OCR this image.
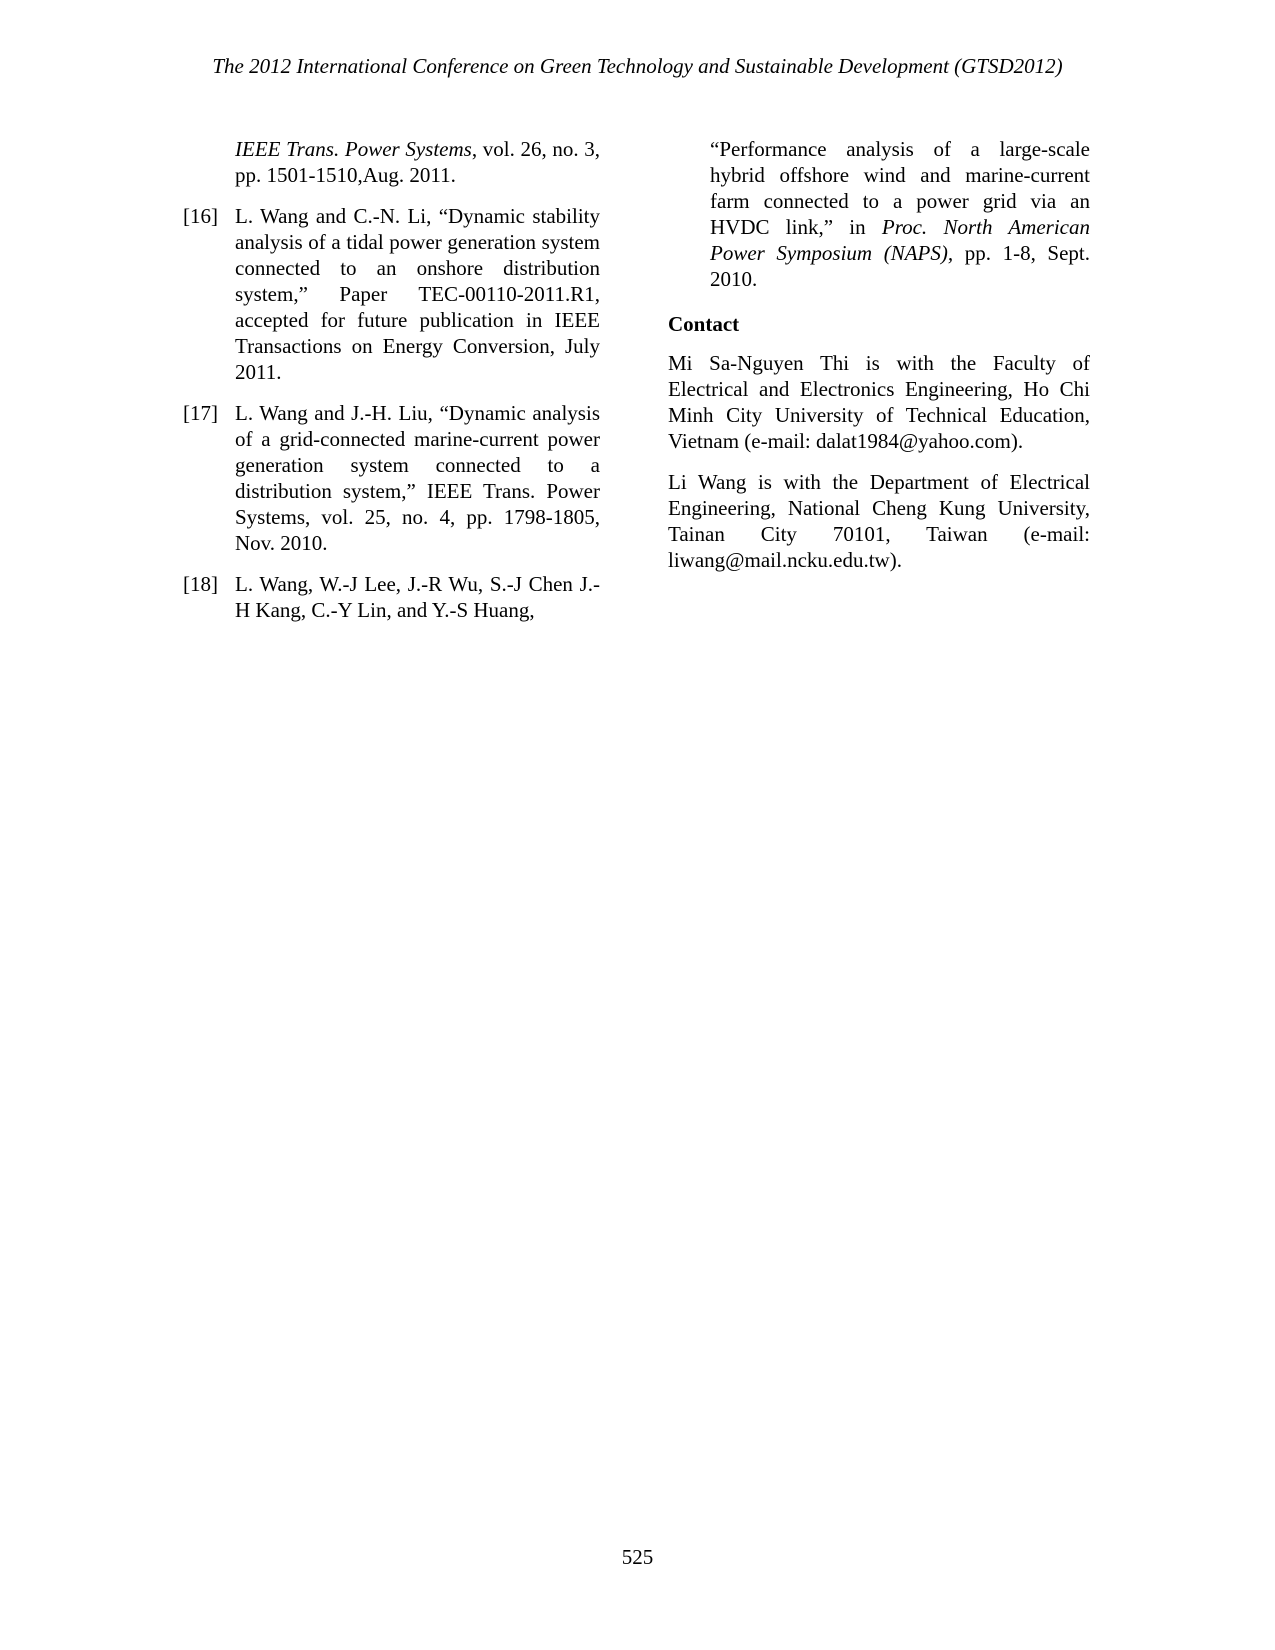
The 2012 International Conference on Green Technology and Sustainable Development (GTSD2012)

IEEE Trans. Power Systems, vol. 26, no. 3, pp. 1501-1510,Aug. 2011.

[16] L. Wang and C.-N. Li, “Dynamic stability analysis of a tidal power generation system connected to an onshore distribution system,” Paper TEC-00110-2011.R1, accepted for future publication in IEEE Transactions on Energy Conversion, July 2011.

[17] L. Wang and J.-H. Liu, “Dynamic analysis of a grid-connected marine-current power generation system connected to a distribution system,” IEEE Trans. Power Systems, vol. 25, no. 4, pp. 1798-1805, Nov. 2010.

[18] L. Wang, W.-J Lee, J.-R Wu, S.-J Chen J.-H Kang, C.-Y Lin, and Y.-S Huang,

“Performance analysis of a large-scale hybrid offshore wind and marine-current farm connected to a power grid via an HVDC link,” in Proc. North American Power Symposium (NAPS), pp. 1-8, Sept. 2010.

Contact

Mi Sa-Nguyen Thi is with the Faculty of Electrical and Electronics Engineering, Ho Chi Minh City University of Technical Education, Vietnam (e-mail: dalat1984@yahoo.com).

Li Wang is with the Department of Electrical Engineering, National Cheng Kung University, Tainan City 70101, Taiwan (e-mail: liwang@mail.ncku.edu.tw).

525
